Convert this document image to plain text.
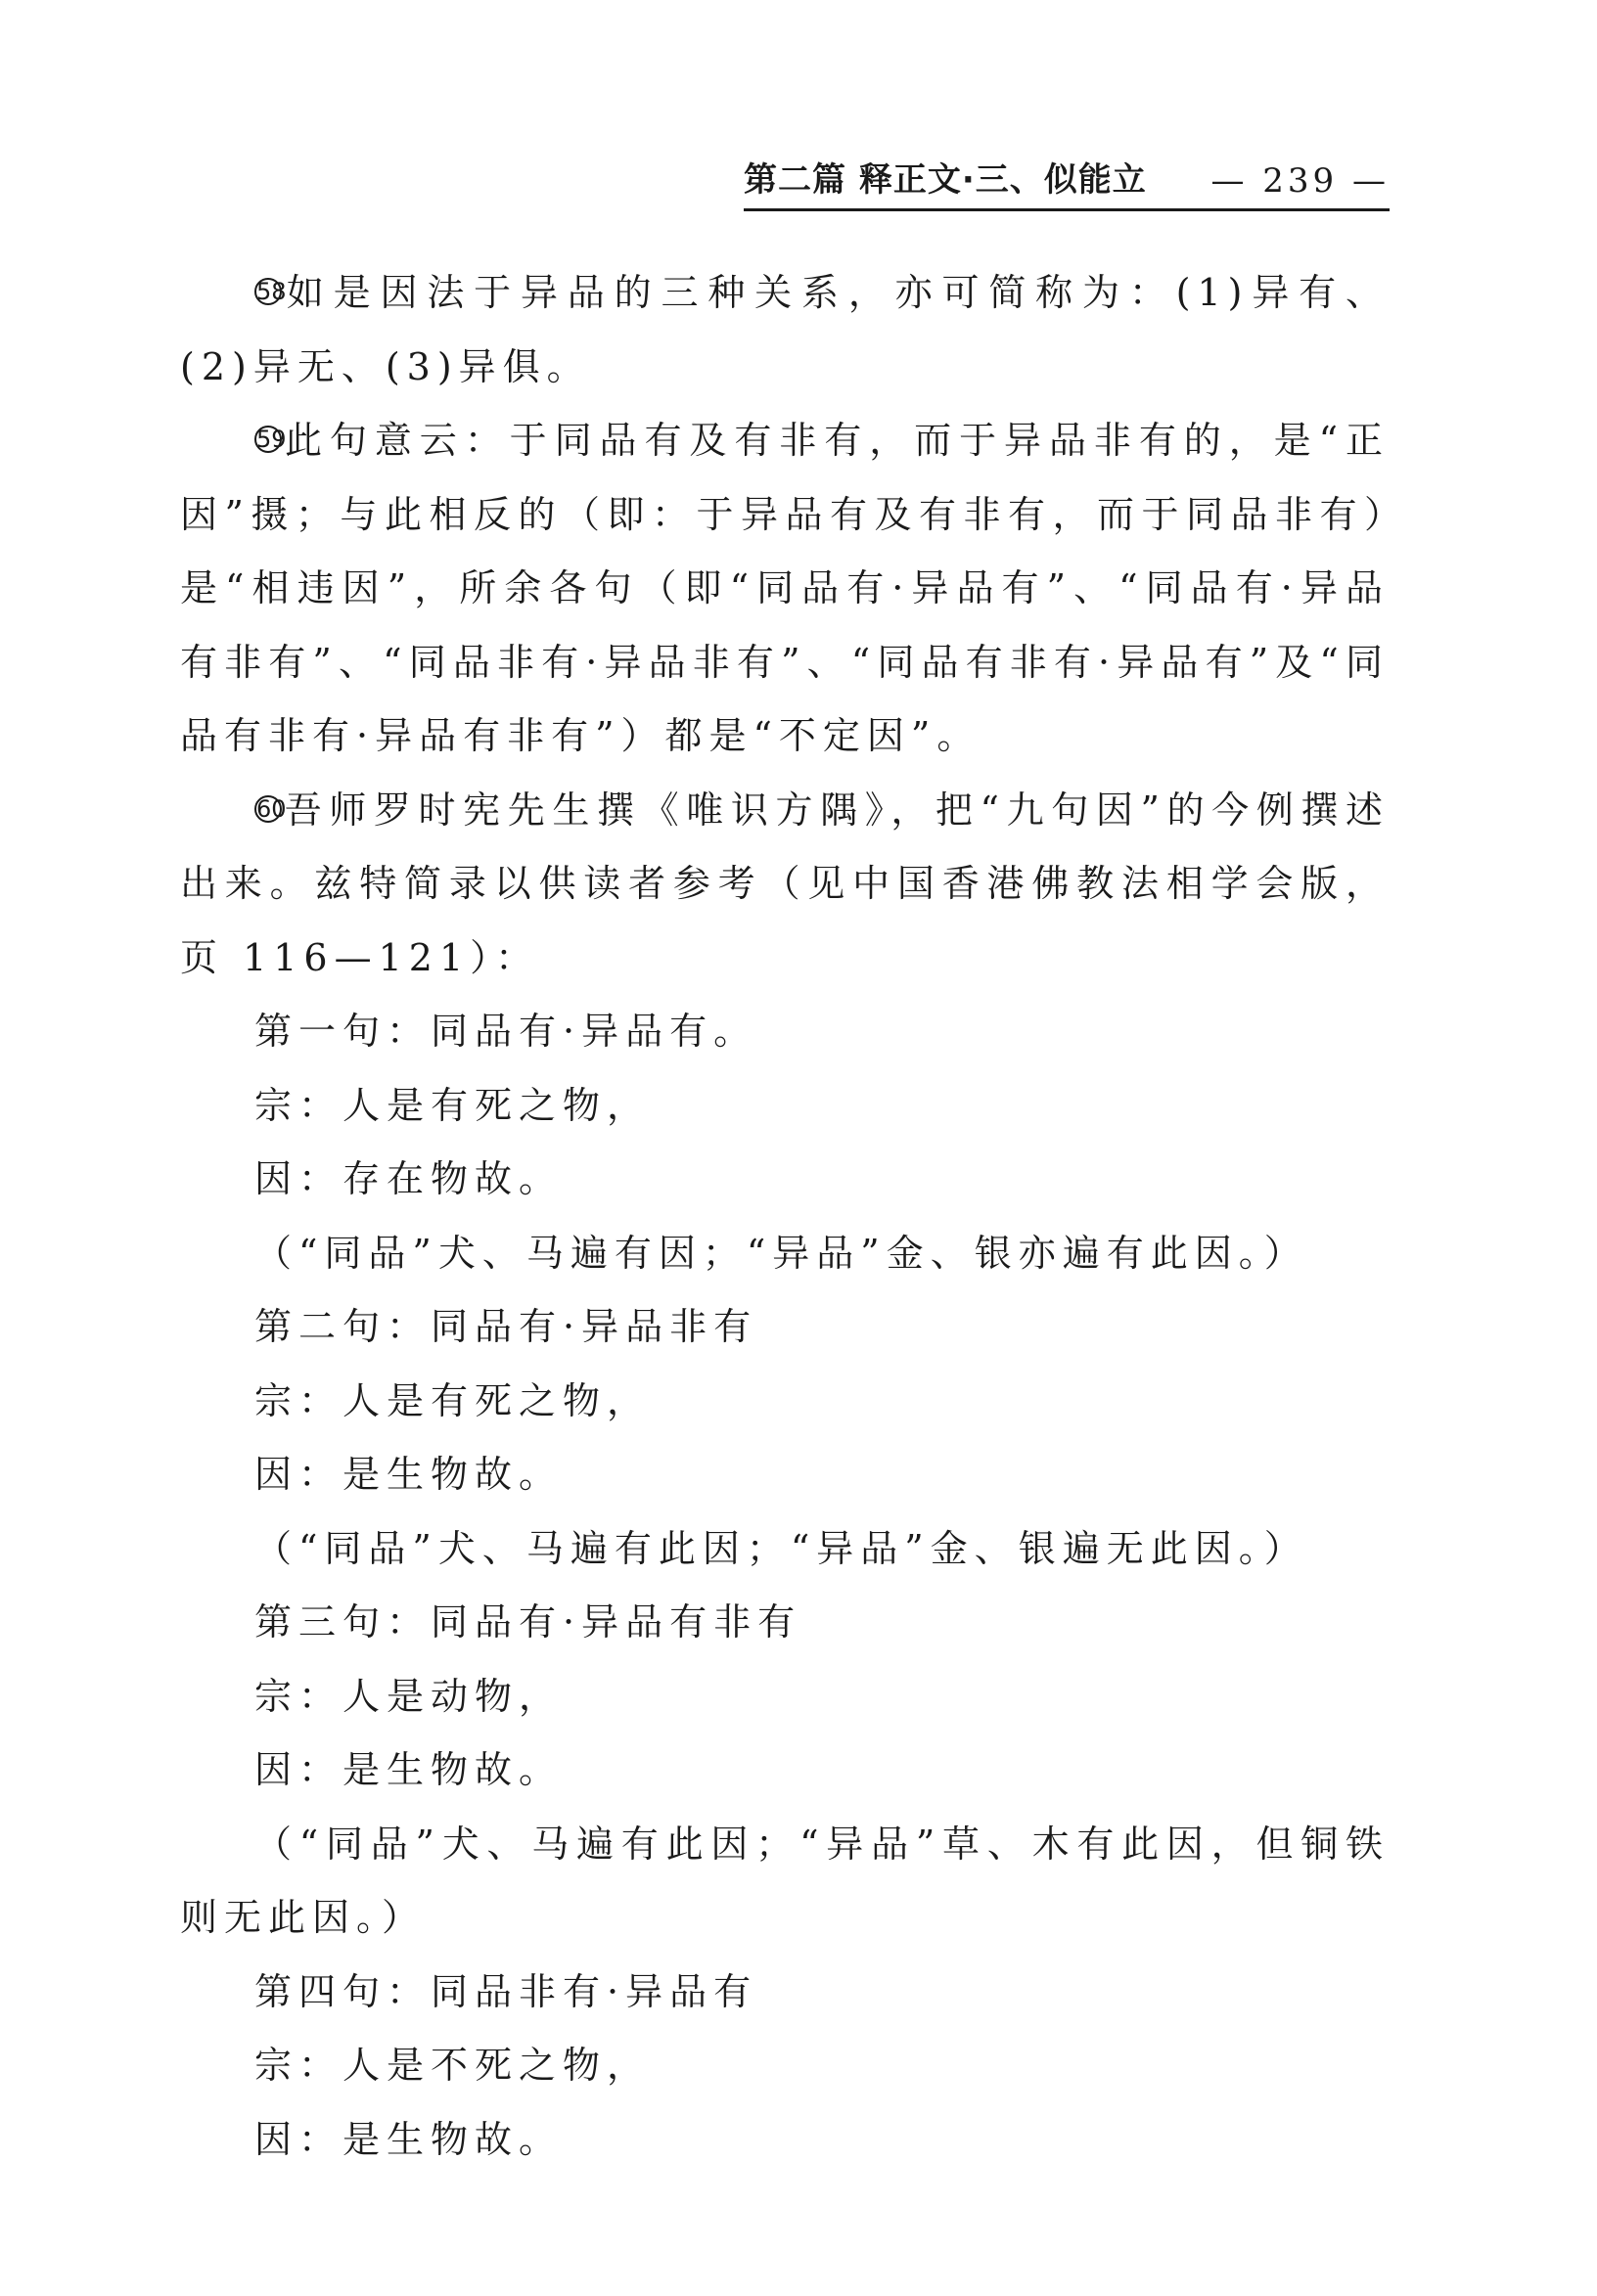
第二篇 释正文·三、似能立 — 239 —

58如是因法于异品的三种关系，亦可简称为：(1)异有、(2)异无、(3)异俱。

59此句意云：于同品有及有非有，而于异品非有的，是“正因”摄；与此相反的（即：于异品有及有非有，而于同品非有）是“相违因”，所余各句（即“同品有·异品有”、“同品有·异品有非有”、“同品非有·异品非有”、“同品有非有·异品有”及“同品有非有·异品有非有”）都是“不定因”。

60吾师罗时宪先生撰《唯识方隅》，把“九句因”的今例撰述出来。兹特简录以供读者参考（见中国香港佛教法相学会版，页 116—121）：

第一句：同品有·异品有。

宗：人是有死之物，

因：存在物故。

（“同品”犬、马遍有因；“异品”金、银亦遍有此因。）

第二句：同品有·异品非有

宗：人是有死之物，

因：是生物故。

（“同品”犬、马遍有此因；“异品”金、银遍无此因。）

第三句：同品有·异品有非有

宗：人是动物，

因：是生物故。

（“同品”犬、马遍有此因；“异品”草、木有此因，但铜铁则无此因。）

第四句：同品非有·异品有

宗：人是不死之物，

因：是生物故。
